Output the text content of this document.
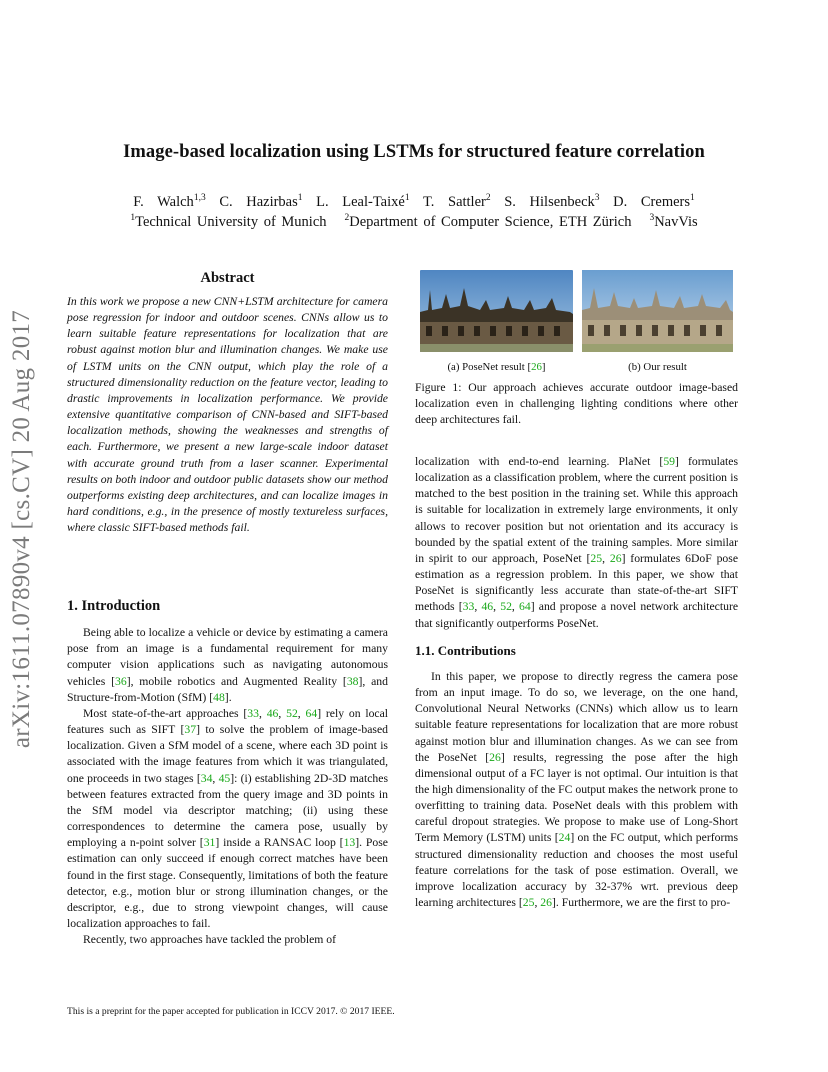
arXiv:1611.07890v4 [cs.CV] 20 Aug 2017
Image-based localization using LSTMs for structured feature correlation
F. Walch$^{1,3}$ C. Hazirbas$^1$ L. Leal-Taixé$^1$ T. Sattler$^2$ S. Hilsenbeck$^3$ D. Cremers$^1$
$^1$Technical University of Munich $^2$Department of Computer Science, ETH Zürich $^3$NavVis
Abstract

In this work we propose a new CNN+LSTM architecture for camera pose regression for indoor and outdoor scenes. CNNs allow us to learn suitable feature representations for localization that are robust against motion blur and illumination changes. We make use of LSTM units on the CNN output, which play the role of a structured dimensionality reduction on the feature vector, leading to drastic improvements in localization performance. We provide extensive quantitative comparison of CNN-based and SIFT-based localization methods, showing the weaknesses and strengths of each. Furthermore, we present a new large-scale indoor dataset with accurate ground truth from a laser scanner. Experimental results on both indoor and outdoor public datasets show our method outperforms existing deep architectures, and can localize images in hard conditions, e.g., in the presence of mostly textureless surfaces, where classic SIFT-based methods fail.

1. Introduction

Being able to localize a vehicle or device by estimating a camera pose from an image is a fundamental requirement for many computer vision applications such as navigating autonomous vehicles [36], mobile robotics and Augmented Reality [38], and Structure-from-Motion (SfM) [48].

Most state-of-the-art approaches [33, 46, 52, 64] rely on local features such as SIFT [37] to solve the problem of image-based localization. Given a SfM model of a scene, where each 3D point is associated with the image features from which it was triangulated, one proceeds in two stages [34, 45]: (i) establishing 2D-3D matches between features extracted from the query image and 3D points in the SfM model via descriptor matching; (ii) using these correspondences to determine the camera pose, usually by employing a n-point solver [31] inside a RANSAC loop [13]. Pose estimation can only succeed if enough correct matches have been found in the first stage. Consequently, limitations of both the feature detector, e.g., motion blur or strong illumination changes, or the descriptor, e.g., due to strong viewpoint changes, will cause localization approaches to fail.

Recently, two approaches have tackled the problem of

(a) PoseNet result [26]	(b) Our result
Figure 1: Our approach achieves accurate outdoor image-based localization even in challenging lighting conditions where other deep architectures fail.

localization with end-to-end learning. PlaNet [59] formulates localization as a classification problem, where the current position is matched to the best position in the training set. While this approach is suitable for localization in extremely large environments, it only allows to recover position but not orientation and its accuracy is bounded by the spatial extent of the training samples. More similar in spirit to our approach, PoseNet [25, 26] formulates 6DoF pose estimation as a regression problem. In this paper, we show that PoseNet is significantly less accurate than state-of-the-art SIFT methods [33, 46, 52, 64] and propose a novel network architecture that significantly outperforms PoseNet.

1.1. Contributions

In this paper, we propose to directly regress the camera pose from an input image. To do so, we leverage, on the one hand, Convolutional Neural Networks (CNNs) which allow us to learn suitable feature representations for localization that are more robust against motion blur and illumination changes. As we can see from the PoseNet [26] results, regressing the pose after the high dimensional output of a FC layer is not optimal. Our intuition is that the high dimensionality of the FC output makes the network prone to overfitting to training data. PoseNet deals with this problem with careful dropout strategies. We propose to make use of Long-Short Term Memory (LSTM) units [24] on the FC output, which performs structured dimensionality reduction and chooses the most useful feature correlations for the task of pose estimation. Overall, we improve localization accuracy by 32-37% wrt. previous deep learning architectures [25, 26]. Furthermore, we are the first to pro-

This is a preprint for the paper accepted for publication in ICCV 2017. © 2017 IEEE.
